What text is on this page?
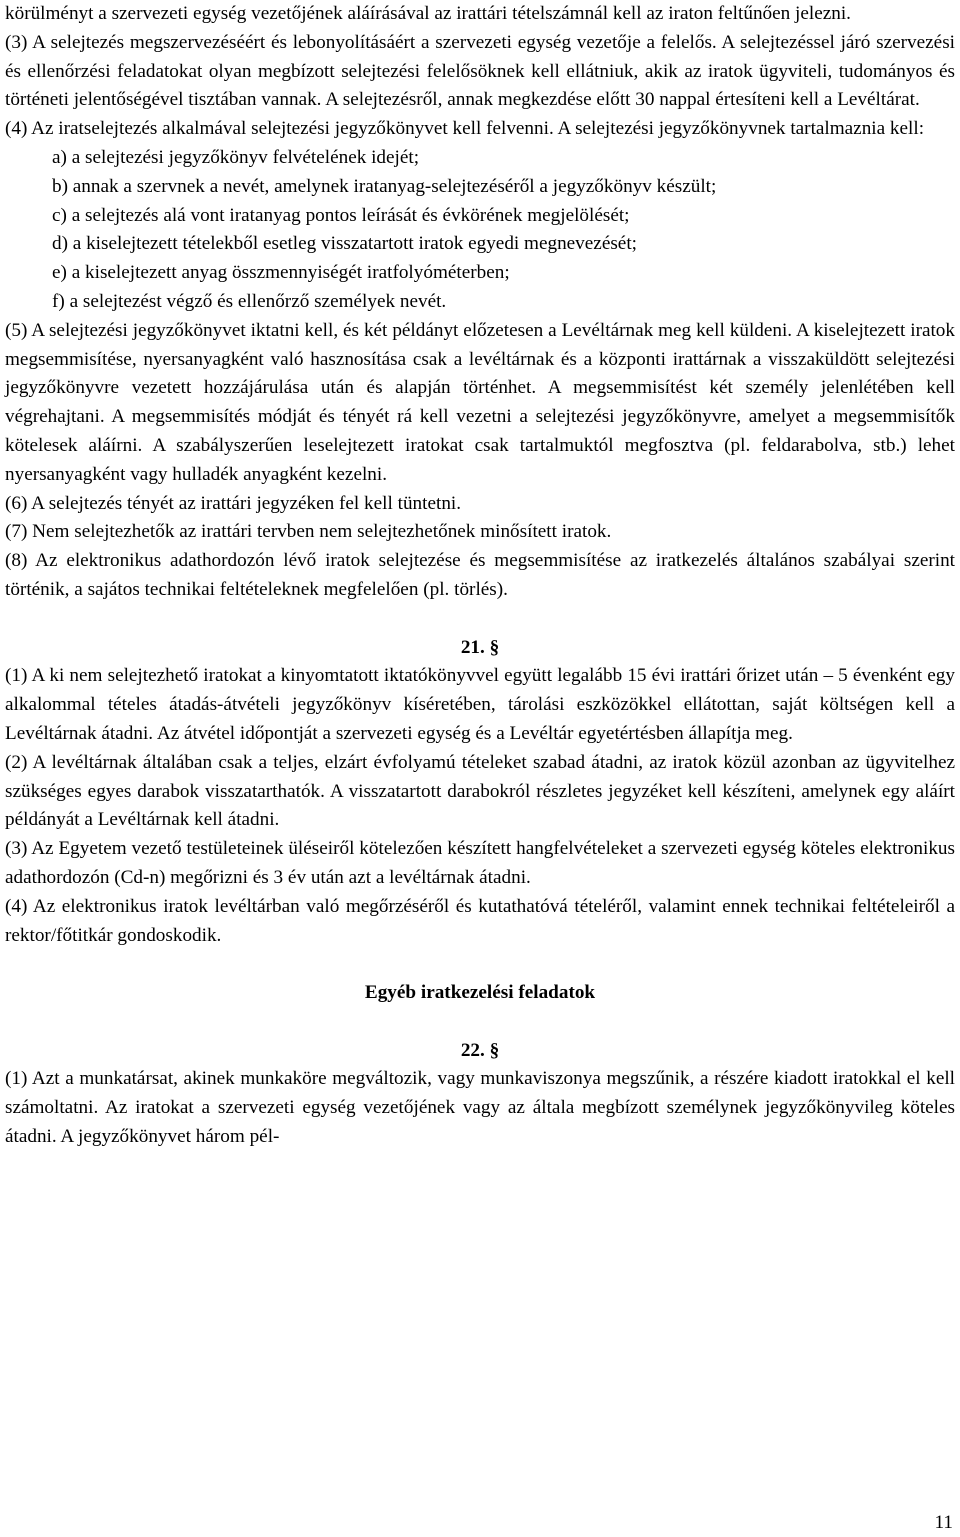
körülményt a szervezeti egység vezetőjének aláírásával az irattári tételszámnál kell az iraton feltűnően jelezni.

(3) A selejtezés megszervezéséért és lebonyolításáért a szervezeti egység vezetője a felelős. A selejtezéssel járó szervezési és ellenőrzési feladatokat olyan megbízott selejtezési felelősöknek kell ellátniuk, akik az iratok ügyviteli, tudományos és történeti jelentőségével tisztában vannak. A selejtezésről, annak megkezdése előtt 30 nappal értesíteni kell a Levéltárat.

(4) Az iratselejtezés alkalmával selejtezési jegyzőkönyvet kell felvenni. A selejtezési jegyzőkönyvnek tartalmaznia kell:

a) a selejtezési jegyzőkönyv felvételének idejét;

b) annak a szervnek a nevét, amelynek iratanyag-selejtezéséről a jegyzőkönyv készült;

c) a selejtezés alá vont iratanyag pontos leírását és évkörének megjelölését;

d) a kiselejtezett tételekből esetleg visszatartott iratok egyedi megnevezését;

e) a kiselejtezett anyag összmennyiségét iratfolyóméterben;

f) a selejtezést végző és ellenőrző személyek nevét.

(5) A selejtezési jegyzőkönyvet iktatni kell, és két példányt előzetesen a Levéltárnak meg kell küldeni. A kiselejtezett iratok megsemmisítése, nyersanyagként való hasznosítása csak a levéltárnak és a központi irattárnak a visszaküldött selejtezési jegyzőkönyvre vezetett hozzájárulása után és alapján történhet. A megsemmisítést két személy jelenlétében kell végrehajtani. A megsemmisítés módját és tényét rá kell vezetni a selejtezési jegyzőkönyvre, amelyet a megsemmisítők kötelesek aláírni. A szabályszerűen leselejtezett iratokat csak tartalmuktól megfosztva (pl. feldarabolva, stb.) lehet nyersanyagként vagy hulladék anyagként kezelni.

(6) A selejtezés tényét az irattári jegyzéken fel kell tüntetni.

(7) Nem selejtezhetők az irattári tervben nem selejtezhetőnek minősített iratok.

(8) Az elektronikus adathordozón lévő iratok selejtezése és megsemmisítése az iratkezelés általános szabályai szerint történik, a sajátos technikai feltételeknek megfelelően (pl. törlés).

21. §

(1) A ki nem selejtezhető iratokat a kinyomtatott iktatókönyvvel együtt legalább 15 évi irattári őrizet után – 5 évenként egy alkalommal tételes átadás-átvételi jegyzőkönyv kíséretében, tárolási eszközökkel ellátottan, saját költségen kell a Levéltárnak átadni. Az átvétel időpontját a szervezeti egység és a Levéltár egyetértésben állapítja meg.

(2) A levéltárnak általában csak a teljes, elzárt évfolyamú tételeket szabad átadni, az iratok közül azonban az ügyvitelhez szükséges egyes darabok visszatarthatók. A visszatartott darabokról részletes jegyzéket kell készíteni, amelynek egy aláírt példányát a Levéltárnak kell átadni.

(3) Az Egyetem vezető testületeinek üléseiről kötelezően készített hangfelvételeket a szervezeti egység köteles elektronikus adathordozón (Cd-n) megőrizni és 3 év után azt a levéltárnak átadni.

(4) Az elektronikus iratok levéltárban való megőrzéséről és kutathatóvá tételéről, valamint ennek technikai feltételeiről a rektor/főtitkár gondoskodik.

Egyéb iratkezelési feladatok

22. §

(1) Azt a munkatársat, akinek munkaköre megváltozik, vagy munkaviszonya megszűnik, a részére kiadott iratokkal el kell számoltatni. Az iratokat a szervezeti egység vezetőjének vagy az általa megbízott személynek jegyzőkönyvileg köteles átadni. A jegyzőkönyvet három pél-

11
